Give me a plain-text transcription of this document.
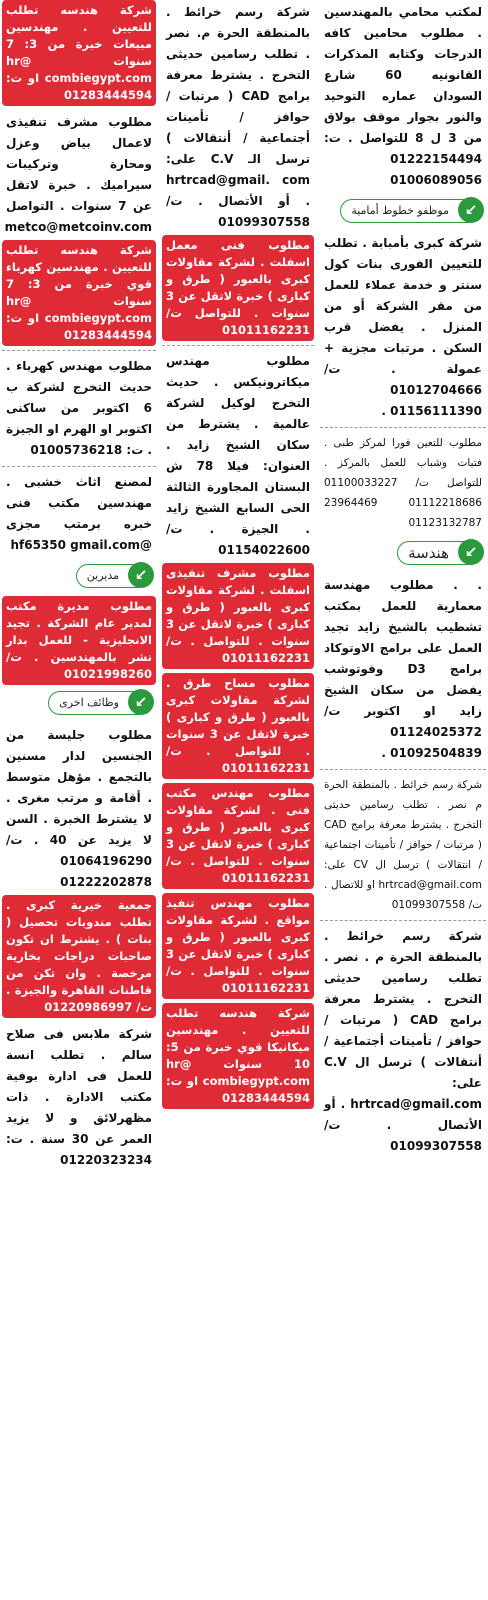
لمكتب محامي بالمهندسين . مطلوب محامين كافه الدرجات وكتابه المذكرات القانونيه 60 شارع السودان عماره التوحيد والنور بجوار موقف بولاق من 3 ل 8 للتواصل . ت: 01222154494 01006089056
موظفو خطوط أمامية	↙
شركة كبرى بأمبابة . تطلب للتعيين الفورى بنات كول سنتر و خدمة عملاء للعمل من مقر الشركة أو من المنزل . يفضل قرب السكن . مرتبات مجزية + عمولة . ت/ 01012704666 01156111390 .
مطلوب للتعين فورا لمركز طبى . فتيات وشباب للعمل بالمركز . للتواصل ت/ 01100033227 01112218686 23964469 01123132787
هندسة	↙
. . مطلوب مهندسة معمارية للعمل بمكتب تشطيب بالشيخ زايد تجيد العمل على برامج الاوتوكاد برامج D3 وفوتوشب يفضل من سكان الشيخ زايد او اكتوبر ت/ 01124025372 01092504839 .
شركة رسم خرائط . بالمنطقة الحرة م نصر . تطلب رسامين حديثى التخرج . يشترط معرفة برامج CAD ( مرتبات / حوافز / تأمينات اجتماعية / انتقالات ) ترسل ال CV على: hrtrcad@gmail.com او للاتصال . ت/ 01099307558
شركة رسم خرائط . بالمنطقة الحرة م . نصر . تطلب رسامين حديثى التخرج . يشترط معرفة برامج CAD ( مرتبات / حوافز / تأمينات أجتماعية / أنتقالات ) ترسل ال C.V على: hrtrcad@gmail.com . أو الأتصال . ت/ 01099307558
شركة رسم خرائط . بالمنطقة الحرة م. نصر . تطلب رسامين حديثى التخرج . يشترط معرفة برامج CAD ( مرتبات / حوافز / تأمينات أجتماعية / أنتقالات ) ترسل الـ C.V على: hrtrcad@gmail. com . أو الأتصال . ت/ 01099307558
مطلوب فنى معمل اسفلت . لشركة مقاولات كبرى بالعبور ( طرق و كبارى ) خبرة لاتقل عن 3 سنوات . للتواصل ت/ 01011162231
مطلوب مهندس ميكاترونيكس . حديث التخرج لوكيل لشركة عالمية . يشترط من سكان الشيخ زايد . العنوان: فيلا 78 ش البستان المجاورة الثالثة الحى السابع الشيخ زايد . الجيزة . ت/ 01154022600
مطلوب مشرف تنفيذى اسفلت . لشركة مقاولات كبرى بالعبور ( طرق و كبارى ) خبرة لاتقل عن 3 سنوات . للتواصل . ت/ 01011162231
مطلوب مساح طرق . لشركة مقاولات كبرى بالعبور ( طرق و كبارى ) خبرة لاتقل عن 3 سنوات . للتواصل . ت/ 01011162231
مطلوب مهندس مكتب فنى . لشركة مقاولات كبرى بالعبور ( طرق و كبارى ) خبرة لاتقل عن 3 سنوات . للتواصل . ت/ 01011162231
مطلوب مهندس تنفيذ مواقع . لشركة مقاولات كبرى بالعبور ( طرق و كبارى ) خبرة لاتقل عن 3 سنوات . للتواصل . ت/ 01011162231
شركة هندسه تطلب للتعيين . مهندسين ميكانيكا قوي خبرة من 5: 10 سنوات @hr combiegypt.com او ت: 01283444594
شركة هندسه تطلب للتعيين . مهندسين مبيعات خبرة من 3: 7 سنوات @hr combiegypt.com او ت: 01283444594
مطلوب مشرف تنفيذى لاعمال بياض وعزل ومحارة وتركيبات سيراميك . خبرة لاتقل عن 7 سنوات . التواصل metco@metcoinv.com
شركة هندسه تطلب للتعيين . مهندسين كهرباء قوي خبرة من 3: 7 سنوات @hr combiegypt.com او ت: 01283444594
مطلوب مهندس كهرباء . حديث التخرج لشركة ب 6 اكتوبر من ساكنى اكتوبر او الهرم او الجيزة . ت: 01005736218
لمصنع اثاث خشبى . مهندسين مكتب فنى خبره برمتب مجزى @hf65350 gmail.com
مديرين	↙
مطلوب مديرة مكتب لمدير عام الشركة . تجيد الانجليزية - للعمل بدار نشر بالمهندسين . ت/ 01021998260
وظائف اخرى	↙
مطلوب جليسة من الجنسين لدار مسنين بالتجمع . مؤهل متوسط . أقامة و مرتب مغرى . لا يشترط الخبرة . السن لا يزيد عن 40 . ت/ 01064196290 01222202878
جمعية خيرية كبرى . تطلب مندوبات تحصيل ( بنات ) . يشترط ان تكون صاحبات دراجات بخارية مرخصة . وان تكن من قاطنات القاهرة والجيزة . ت/ 01220986997
شركة ملابس فى صلاح سالم . تطلب انسة للعمل فى ادارة بوفية مكتب الادارة . ذات مظهرلائق و لا يزيد العمر عن 30 سنة . ت: 01220323234
